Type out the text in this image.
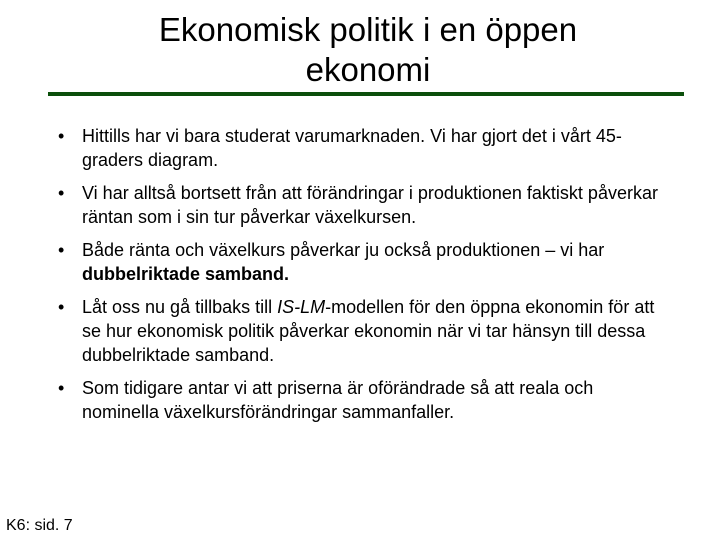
Ekonomisk politik i en öppen
ekonomi
• Hittills har vi bara studerat varumarknaden. Vi har gjort det i vårt 45-graders diagram.
• Vi har alltså bortsett från att förändringar i produktionen faktiskt påverkar räntan som i sin tur påverkar växelkursen.
• Både ränta och växelkurs påverkar ju också produktionen – vi har dubbelriktade samband.
• Låt oss nu gå tillbaks till IS-LM-modellen för den öppna ekonomin för att se hur ekonomisk politik påverkar ekonomin när vi tar hänsyn till dessa dubbelriktade samband.
• Som tidigare antar vi att priserna är oförändrade så att reala och nominella växelkursförändringar sammanfaller.
K6: sid. 7
